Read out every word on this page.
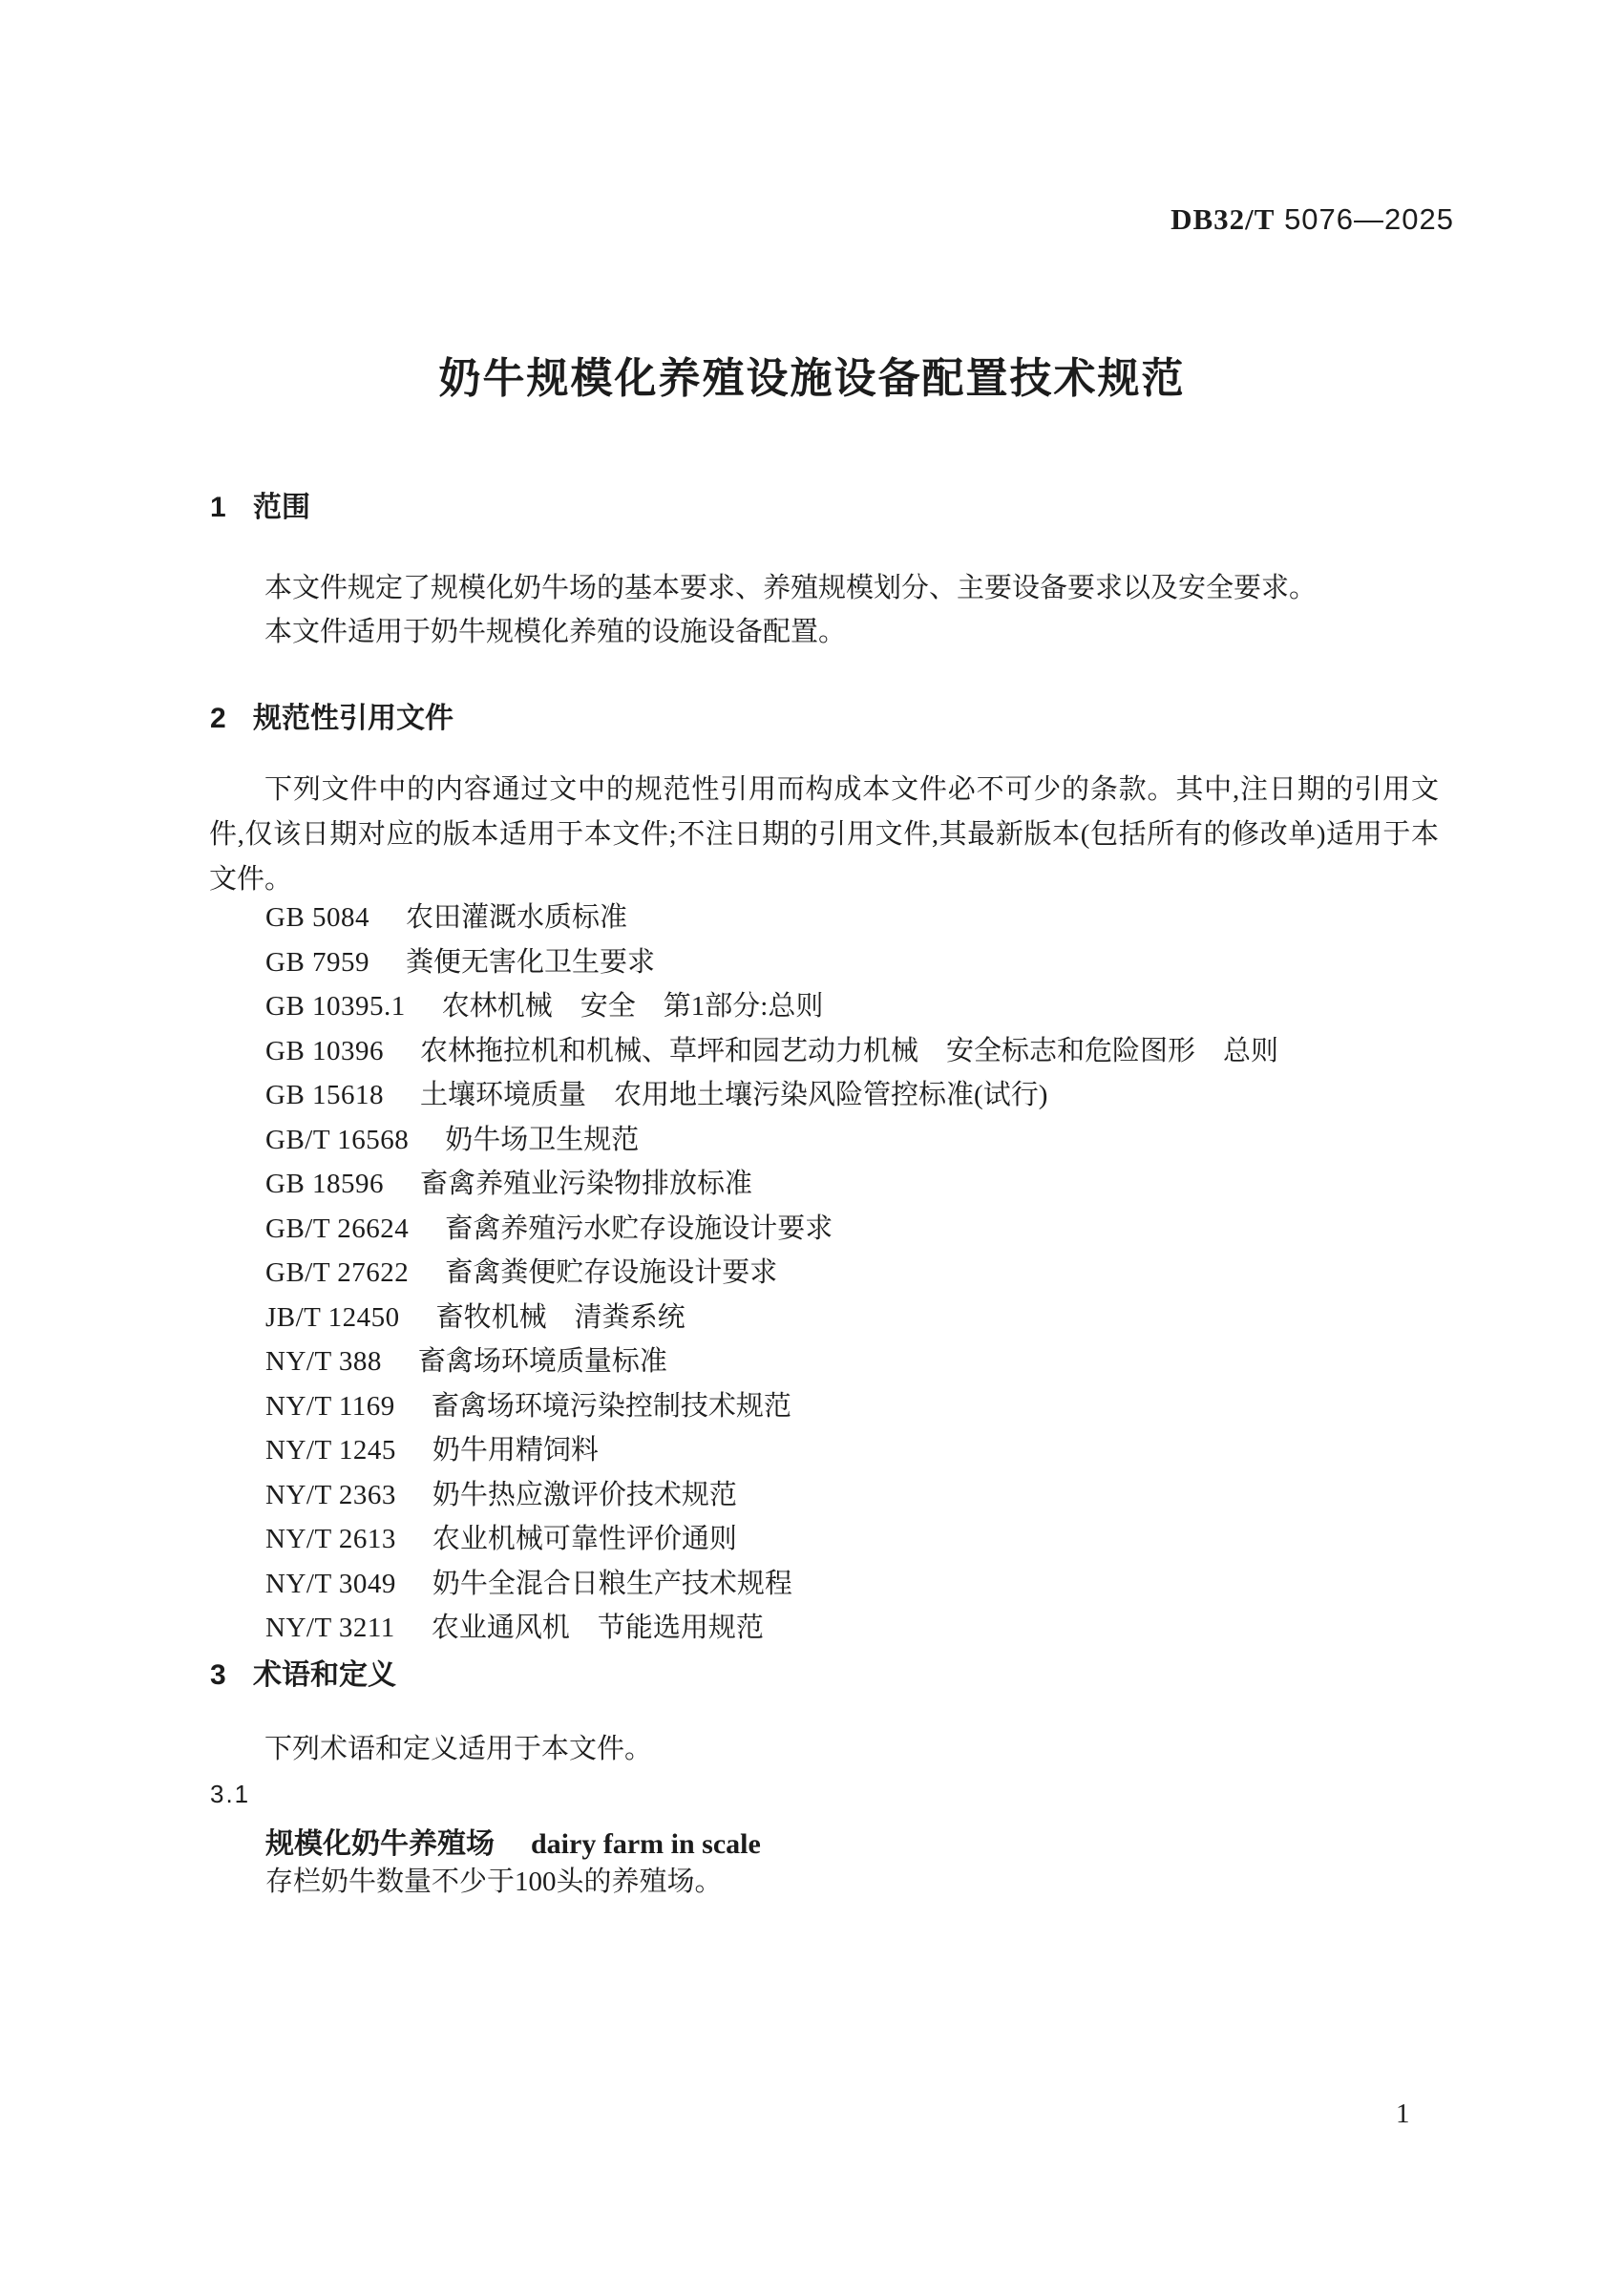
DB32/T 5076—2025
奶牛规模化养殖设施设备配置技术规范
1 范围
本文件规定了规模化奶牛场的基本要求、养殖规模划分、主要设备要求以及安全要求。
本文件适用于奶牛规模化养殖的设施设备配置。
2 规范性引用文件
下列文件中的内容通过文中的规范性引用而构成本文件必不可少的条款。其中,注日期的引用文件,仅该日期对应的版本适用于本文件;不注日期的引用文件,其最新版本(包括所有的修改单)适用于本文件。
GB 5084 农田灌溉水质标准
GB 7959 粪便无害化卫生要求
GB 10395.1 农林机械　安全　第1部分:总则
GB 10396 农林拖拉机和机械、草坪和园艺动力机械　安全标志和危险图形　总则
GB 15618 土壤环境质量　农用地土壤污染风险管控标准(试行)
GB/T 16568 奶牛场卫生规范
GB 18596 畜禽养殖业污染物排放标准
GB/T 26624 畜禽养殖污水贮存设施设计要求
GB/T 27622 畜禽粪便贮存设施设计要求
JB/T 12450 畜牧机械　清粪系统
NY/T 388 畜禽场环境质量标准
NY/T 1169 畜禽场环境污染控制技术规范
NY/T 1245 奶牛用精饲料
NY/T 2363 奶牛热应激评价技术规范
NY/T 2613 农业机械可靠性评价通则
NY/T 3049 奶牛全混合日粮生产技术规程
NY/T 3211 农业通风机　节能选用规范
3 术语和定义
下列术语和定义适用于本文件。
3.1
规模化奶牛养殖场 dairy farm in scale
存栏奶牛数量不少于100头的养殖场。
1
